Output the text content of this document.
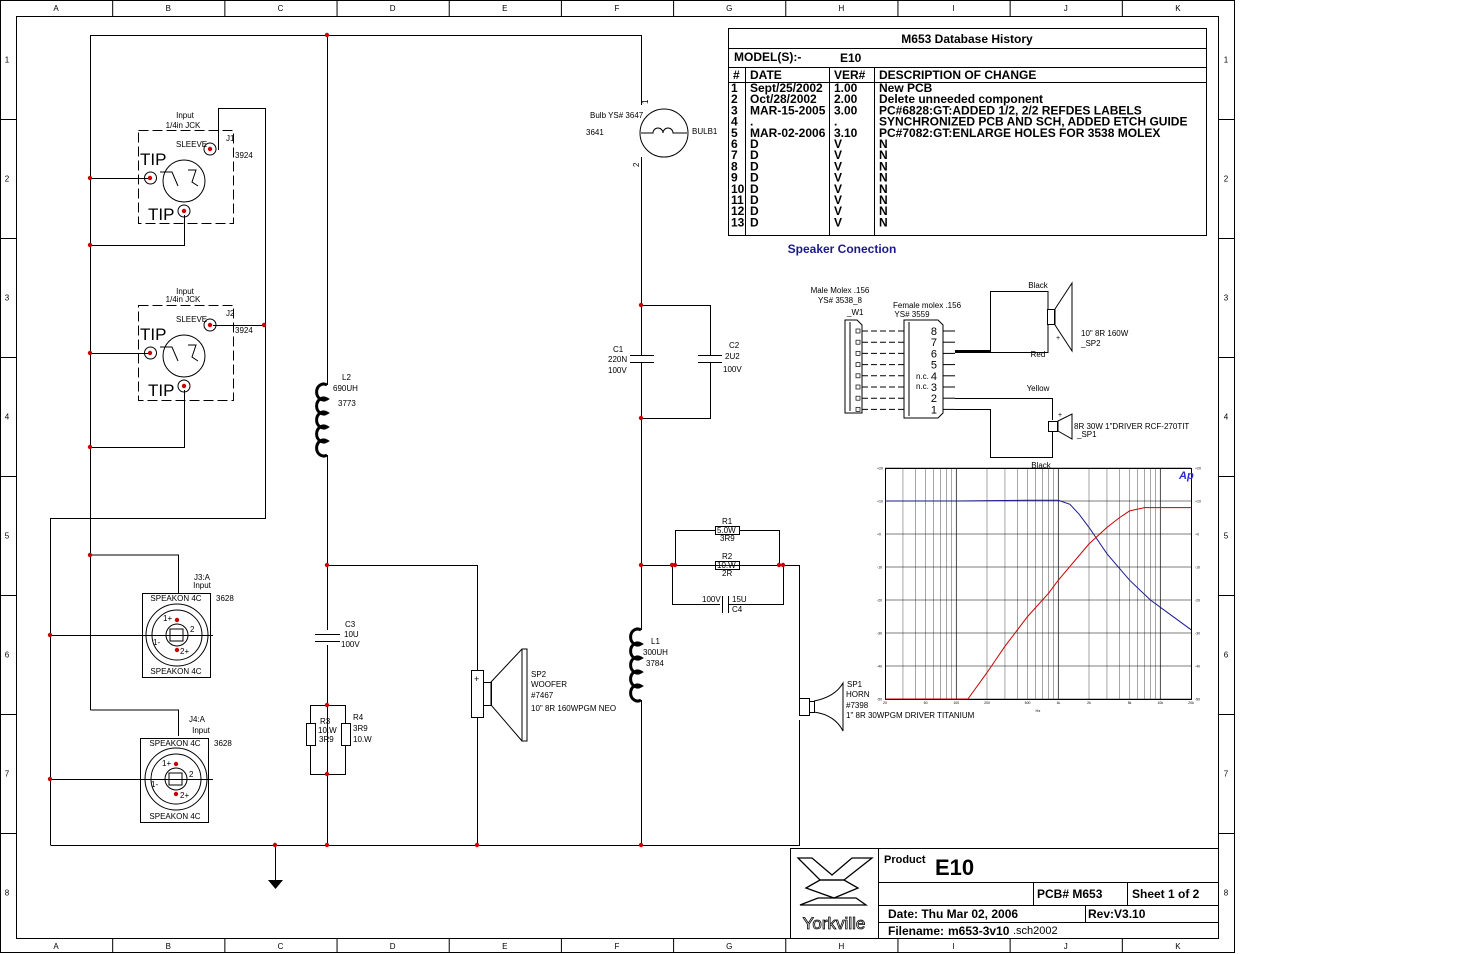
A
A
B
B
C
C
D
D
E
E
F
F
G
G
H
H
I
I
J
J
K
K
1	1
2	2
3	3
4	4
5	5
6	6
7	7
8	8
M653 Database History
MODEL(S):-	E10
# DATE	VER# DESCRIPTION OF CHANGE
1 Sept/25/2002 1.00 New PCB
2 Oct/28/2002 2.00 Delete unneeded component
3 MAR-15-2005 3.00 PC#6828:GT:ADDED 1/2, 2/2 REFDES LABELS
4 .	.	SYNCHRONIZED PCB AND SCH, ADDED ETCH GUIDE
5 MAR-02-2006 3.10 PC#7082:GT:ENLARGE HOLES FOR 3538 MOLEX
6 D	V	N
7 D	V	N
8 D	V	N
9 D	V	N
10 D	V	N
11 D	V	N
12 D	V	N
13 D	V	N
TIP
TIP
Input
1/4in JCK
J1
SLEEVE
3924
TIP
TIP
Input
1/4in JCK
J2
SLEEVE
3924
J3:A
Input
SPEAKON 4C 3628
SPEAKON 4C
1+
1-
2
2+
J4:A
Input
SPEAKON 4C 3628
SPEAKON 4C
1+
1-
2
2+
L2
690UH
3773
C3
10U
100V
R3
10.W
3R9
R4
3R9
10.W
+	SP2
WOOFER
#7467
10" 8R 160WPGM NEO
Bulb YS# 3647
3641	BULB1
1
2
C1
220N
100V
C2
2U2
100V
R1
5.0W
3R9
R2
10.W
2R
100V 15U
C4
L1
300UH
3784
SP1
HORN
#7398
1" 8R 30WPGM DRIVER TITANIUM
Speaker Conection
Male Molex .156
YS# 3538_8
_W1
Female molex .156
YS# 3559
8
7
6
5
4
3
2
1
n.c.
n.c.
Black
Red
Yellow
Black
10" 8R 160W
_SP2
8R 30W 1"DRIVER RCF-270TIT
_SP1
+
+
+20	+20
+10	+10
+0	+0
-10	-10
-20	-20
-30	-30
-40	-40
-50	-50
20	50	100	200	500	1k	2k	5k	10k	20k
Ap
Hz
Yorkville
Product E10
PCB# M653 Sheet 1 of 2
Date: Thu Mar 02, 2006	Rev:V3.10
Filename: m653-3v10 .sch2002
